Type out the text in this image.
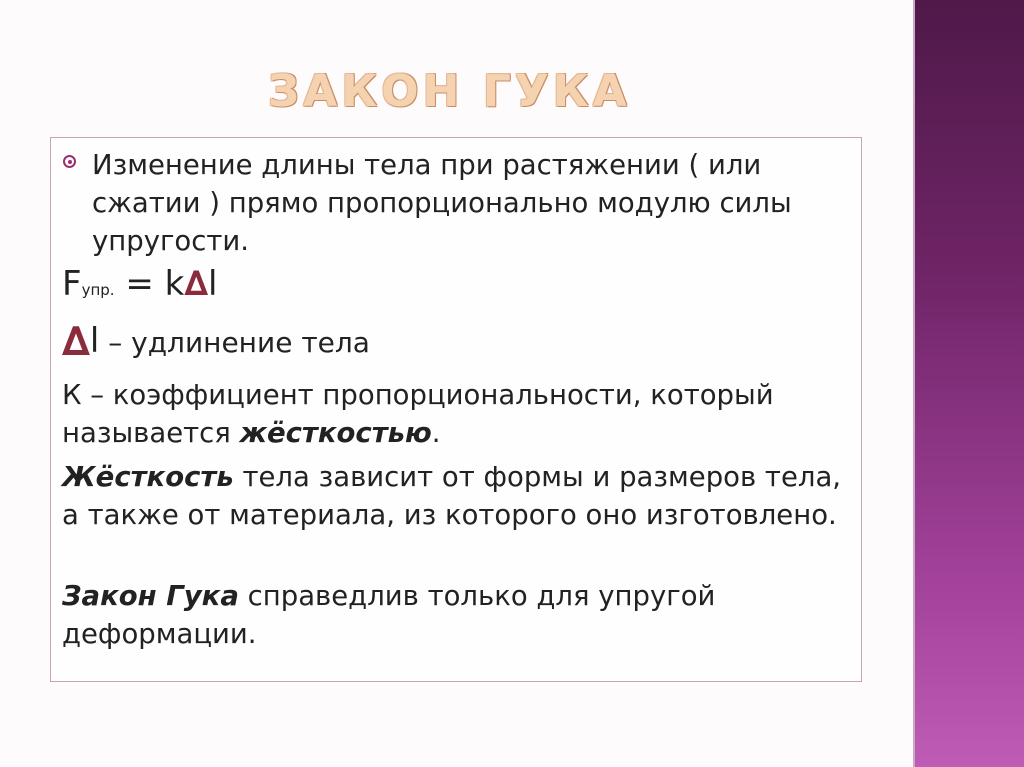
ЗАКОН ГУКА

Изменение длины тела при растяжении ( или сжатии ) прямо пропорционально модулю силы упругости.

Fупр. = k∆l

∆l – удлинение тела

К – коэффициент пропорциональности, который называется жёсткостью.

Жёсткость тела зависит от формы и размеров тела, а также от материала, из которого оно изготовлено.

Закон Гука справедлив только для упругой деформации.
